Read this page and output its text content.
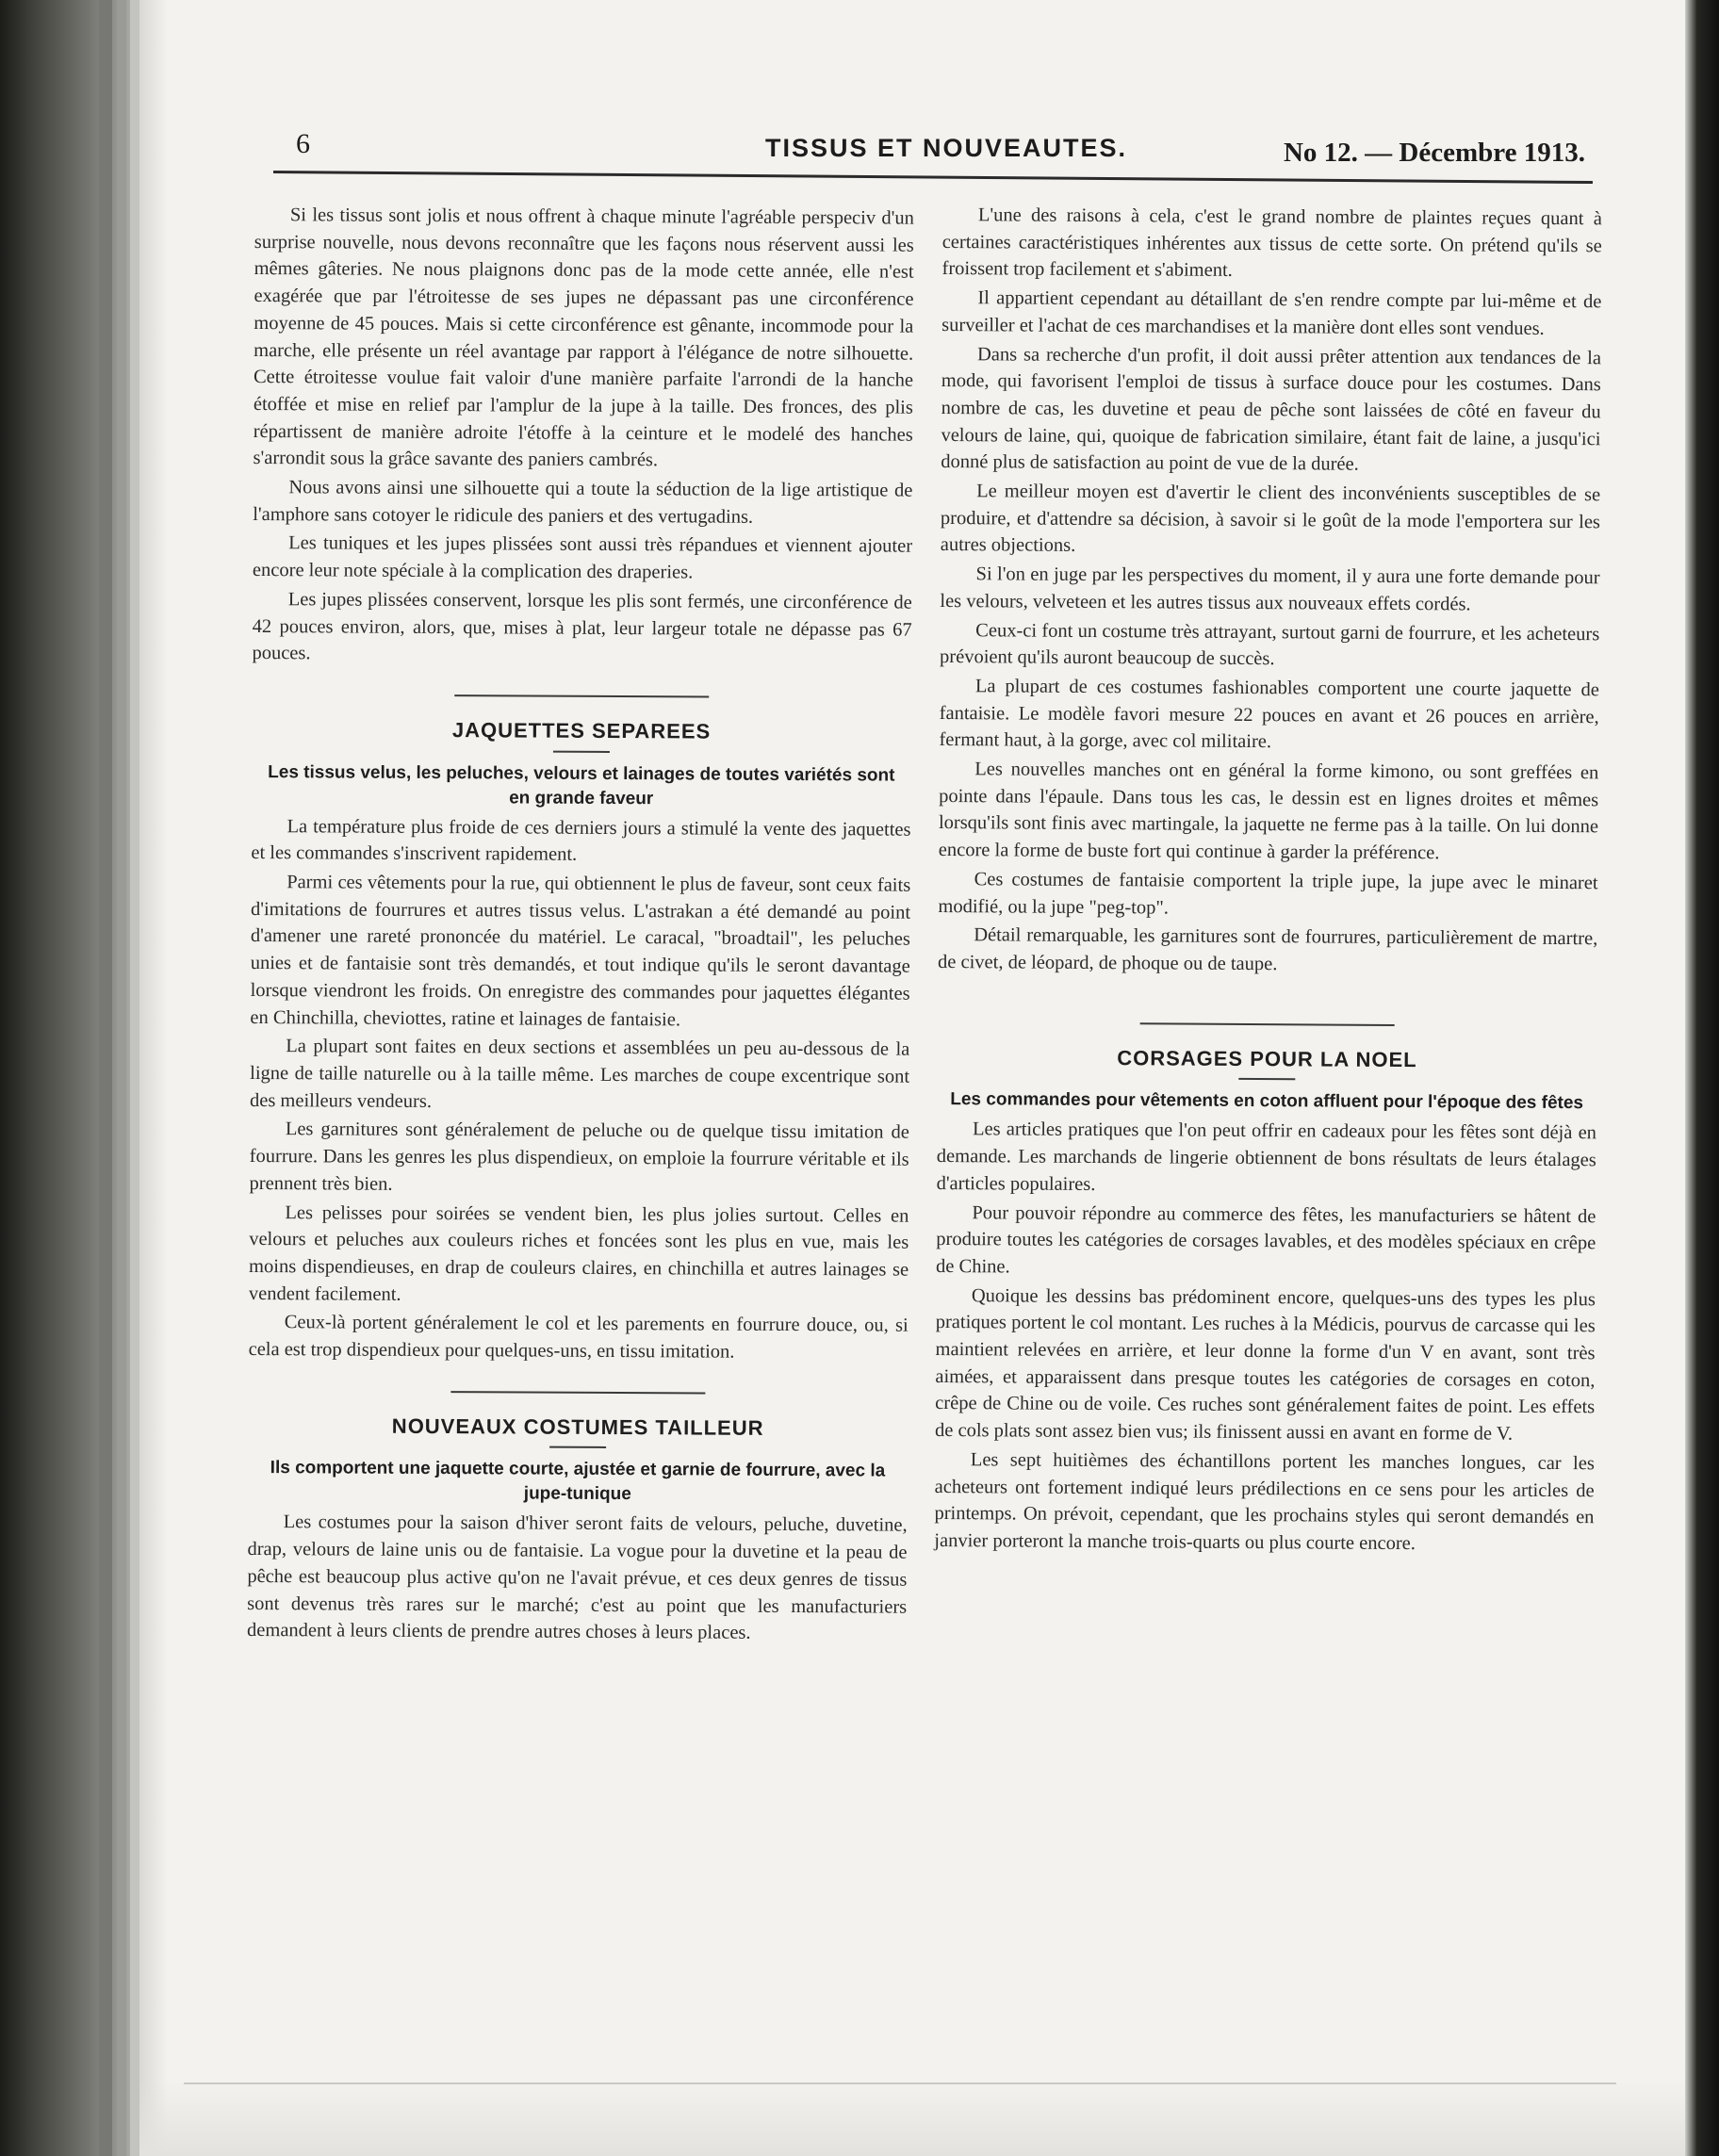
6	TISSUS ET NOUVEAUTES.	No 12. — Décembre 1913.

Si les tissus sont jolis et nous offrent à chaque minute l'agréable perspeciv d'un surprise nouvelle, nous devons reconnaître que les façons nous réservent aussi les mêmes gâteries. Ne nous plaignons donc pas de la mode cette année, elle n'est exagérée que par l'étroitesse de ses jupes ne dépassant pas une circonférence moyenne de 45 pouces. Mais si cette circonférence est gênante, incommode pour la marche, elle présente un réel avantage par rapport à l'élégance de notre silhouette. Cette étroitesse voulue fait valoir d'une manière parfaite l'arrondi de la hanche étoffée et mise en relief par l'amplur de la jupe à la taille. Des fronces, des plis répartissent de manière adroite l'étoffe à la ceinture et le modelé des hanches s'arrondit sous la grâce savante des paniers cambrés.

Nous avons ainsi une silhouette qui a toute la séduction de la lige artistique de l'amphore sans cotoyer le ridicule des paniers et des vertugadins.

Les tuniques et les jupes plissées sont aussi très répandues et viennent ajouter encore leur note spéciale à la complication des draperies.

Les jupes plissées conservent, lorsque les plis sont fermés, une circonférence de 42 pouces environ, alors, que, mises à plat, leur largeur totale ne dépasse pas 67 pouces.

JAQUETTES SEPAREES
Les tissus velus, les peluches, velours et lainages de toutes variétés sont en grande faveur

La température plus froide de ces derniers jours a stimulé la vente des jaquettes et les commandes s'inscrivent rapidement.

Parmi ces vêtements pour la rue, qui obtiennent le plus de faveur, sont ceux faits d'imitations de fourrures et autres tissus velus. L'astrakan a été demandé au point d'amener une rareté prononcée du matériel. Le caracal, "broadtail", les peluches unies et de fantaisie sont très demandés, et tout indique qu'ils le seront davantage lorsque viendront les froids. On enregistre des commandes pour jaquettes élégantes en Chinchilla, cheviottes, ratine et lainages de fantaisie.

La plupart sont faites en deux sections et assemblées un peu au-dessous de la ligne de taille naturelle ou à la taille même. Les marches de coupe excentrique sont des meilleurs vendeurs.

Les garnitures sont généralement de peluche ou de quelque tissu imitation de fourrure. Dans les genres les plus dispendieux, on emploie la fourrure véritable et ils prennent très bien.

Les pelisses pour soirées se vendent bien, les plus jolies surtout. Celles en velours et peluches aux couleurs riches et foncées sont les plus en vue, mais les moins dispendieuses, en drap de couleurs claires, en chinchilla et autres lainages se vendent facilement.

Ceux-là portent généralement le col et les parements en fourrure douce, ou, si cela est trop dispendieux pour quelques-uns, en tissu imitation.

NOUVEAUX COSTUMES TAILLEUR
Ils comportent une jaquette courte, ajustée et garnie de fourrure, avec la jupe-tunique

Les costumes pour la saison d'hiver seront faits de velours, peluche, duvetine, drap, velours de laine unis ou de fantaisie. La vogue pour la duvetine et la peau de pêche est beaucoup plus active qu'on ne l'avait prévue, et ces deux genres de tissus sont devenus très rares sur le marché; c'est au point que les manufacturiers demandent à leurs clients de prendre autres choses à leurs places.

L'une des raisons à cela, c'est le grand nombre de plaintes reçues quant à certaines caractéristiques inhérentes aux tissus de cette sorte. On prétend qu'ils se froissent trop facilement et s'abiment.

Il appartient cependant au détaillant de s'en rendre compte par lui-même et de surveiller et l'achat de ces marchandises et la manière dont elles sont vendues.

Dans sa recherche d'un profit, il doit aussi prêter attention aux tendances de la mode, qui favorisent l'emploi de tissus à surface douce pour les costumes. Dans nombre de cas, les duvetine et peau de pêche sont laissées de côté en faveur du velours de laine, qui, quoique de fabrication similaire, étant fait de laine, a jusqu'ici donné plus de satisfaction au point de vue de la durée.

Le meilleur moyen est d'avertir le client des inconvénients susceptibles de se produire, et d'attendre sa décision, à savoir si le goût de la mode l'emportera sur les autres objections.

Si l'on en juge par les perspectives du moment, il y aura une forte demande pour les velours, velveteen et les autres tissus aux nouveaux effets cordés.

Ceux-ci font un costume très attrayant, surtout garni de fourrure, et les acheteurs prévoient qu'ils auront beaucoup de succès.

La plupart de ces costumes fashionables comportent une courte jaquette de fantaisie. Le modèle favori mesure 22 pouces en avant et 26 pouces en arrière, fermant haut, à la gorge, avec col militaire.

Les nouvelles manches ont en général la forme kimono, ou sont greffées en pointe dans l'épaule. Dans tous les cas, le dessin est en lignes droites et mêmes lorsqu'ils sont finis avec martingale, la jaquette ne ferme pas à la taille. On lui donne encore la forme de buste fort qui continue à garder la préférence.

Ces costumes de fantaisie comportent la triple jupe, la jupe avec le minaret modifié, ou la jupe "peg-top".

Détail remarquable, les garnitures sont de fourrures, particulièrement de martre, de civet, de léopard, de phoque ou de taupe.

CORSAGES POUR LA NOEL
Les commandes pour vêtements en coton affluent pour l'époque des fêtes

Les articles pratiques que l'on peut offrir en cadeaux pour les fêtes sont déjà en demande. Les marchands de lingerie obtiennent de bons résultats de leurs étalages d'articles populaires.

Pour pouvoir répondre au commerce des fêtes, les manufacturiers se hâtent de produire toutes les catégories de corsages lavables, et des modèles spéciaux en crêpe de Chine.

Quoique les dessins bas prédominent encore, quelques-uns des types les plus pratiques portent le col montant. Les ruches à la Médicis, pourvus de carcasse qui les maintient relevées en arrière, et leur donne la forme d'un V en avant, sont très aimées, et apparaissent dans presque toutes les catégories de corsages en coton, crêpe de Chine ou de voile. Ces ruches sont généralement faites de point. Les effets de cols plats sont assez bien vus; ils finissent aussi en avant en forme de V.

Les sept huitièmes des échantillons portent les manches longues, car les acheteurs ont fortement indiqué leurs prédilections en ce sens pour les articles de printemps. On prévoit, cependant, que les prochains styles qui seront demandés en janvier porteront la manche trois-quarts ou plus courte encore.
